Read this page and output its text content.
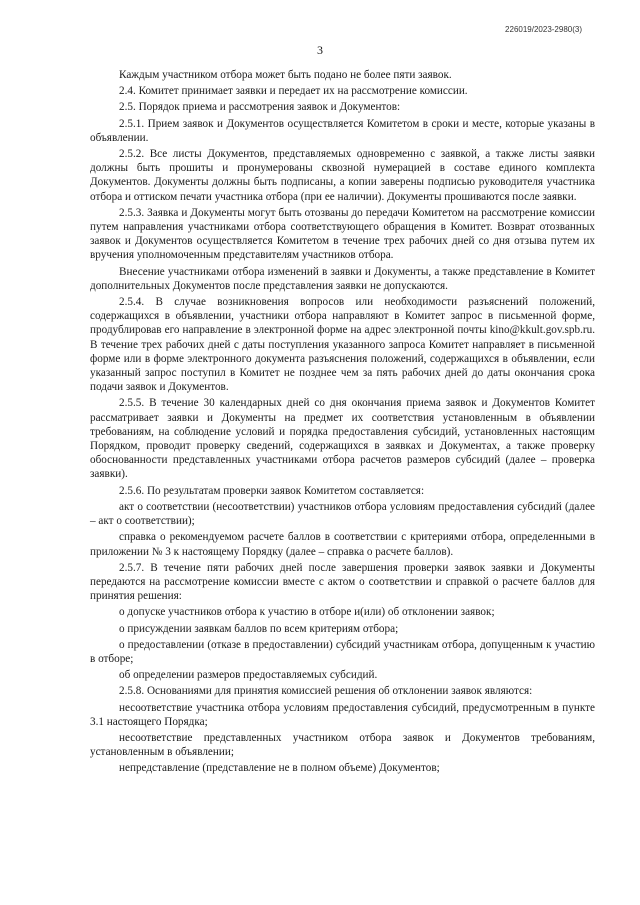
226019/2023-2980(3)
3

Каждым участником отбора может быть подано не более пяти заявок.

2.4. Комитет принимает заявки и передает их на рассмотрение комиссии.

2.5. Порядок приема и рассмотрения заявок и Документов:

2.5.1. Прием заявок и Документов осуществляется Комитетом в сроки и месте, которые указаны в объявлении.

2.5.2. Все листы Документов, представляемых одновременно с заявкой, а также листы заявки должны быть прошиты и пронумерованы сквозной нумерацией в составе единого комплекта Документов. Документы должны быть подписаны, а копии заверены подписью руководителя участника отбора и оттиском печати участника отбора (при ее наличии). Документы прошиваются после заявки.

2.5.3. Заявка и Документы могут быть отозваны до передачи Комитетом на рассмотрение комиссии путем направления участниками отбора соответствующего обращения в Комитет. Возврат отозванных заявок и Документов осуществляется Комитетом в течение трех рабочих дней со дня отзыва путем их вручения уполномоченным представителям участников отбора.

Внесение участниками отбора изменений в заявки и Документы, а также представление в Комитет дополнительных Документов после представления заявки не допускаются.

2.5.4. В случае возникновения вопросов или необходимости разъяснений положений, содержащихся в объявлении, участники отбора направляют в Комитет запрос в письменной форме, продублировав его направление в электронной форме на адрес электронной почты kino@kkult.gov.spb.ru. В течение трех рабочих дней с даты поступления указанного запроса Комитет направляет в письменной форме или в форме электронного документа разъяснения положений, содержащихся в объявлении, если указанный запрос поступил в Комитет не позднее чем за пять рабочих дней до даты окончания срока подачи заявок и Документов.

2.5.5. В течение 30 календарных дней со дня окончания приема заявок и Документов Комитет рассматривает заявки и Документы на предмет их соответствия установленным в объявлении требованиям, на соблюдение условий и порядка предоставления субсидий, установленных настоящим Порядком, проводит проверку сведений, содержащихся в заявках и Документах, а также проверку обоснованности представленных участниками отбора расчетов размеров субсидий (далее – проверка заявки).

2.5.6. По результатам проверки заявок Комитетом составляется:

акт о соответствии (несоответствии) участников отбора условиям предоставления субсидий (далее – акт о соответствии);

справка о рекомендуемом расчете баллов в соответствии с критериями отбора, определенными в приложении № 3 к настоящему Порядку (далее – справка о расчете баллов).

2.5.7. В течение пяти рабочих дней после завершения проверки заявок заявки и Документы передаются на рассмотрение комиссии вместе с актом о соответствии и справкой о расчете баллов для принятия решения:

о допуске участников отбора к участию в отборе и(или) об отклонении заявок;

о присуждении заявкам баллов по всем критериям отбора;

о предоставлении (отказе в предоставлении) субсидий участникам отбора, допущенным к участию в отборе;

об определении размеров предоставляемых субсидий.

2.5.8. Основаниями для принятия комиссией решения об отклонении заявок являются:

несоответствие участника отбора условиям предоставления субсидий, предусмотренным в пункте 3.1 настоящего Порядка;

несоответствие представленных участником отбора заявок и Документов требованиям, установленным в объявлении;

непредставление (представление не в полном объеме) Документов;
